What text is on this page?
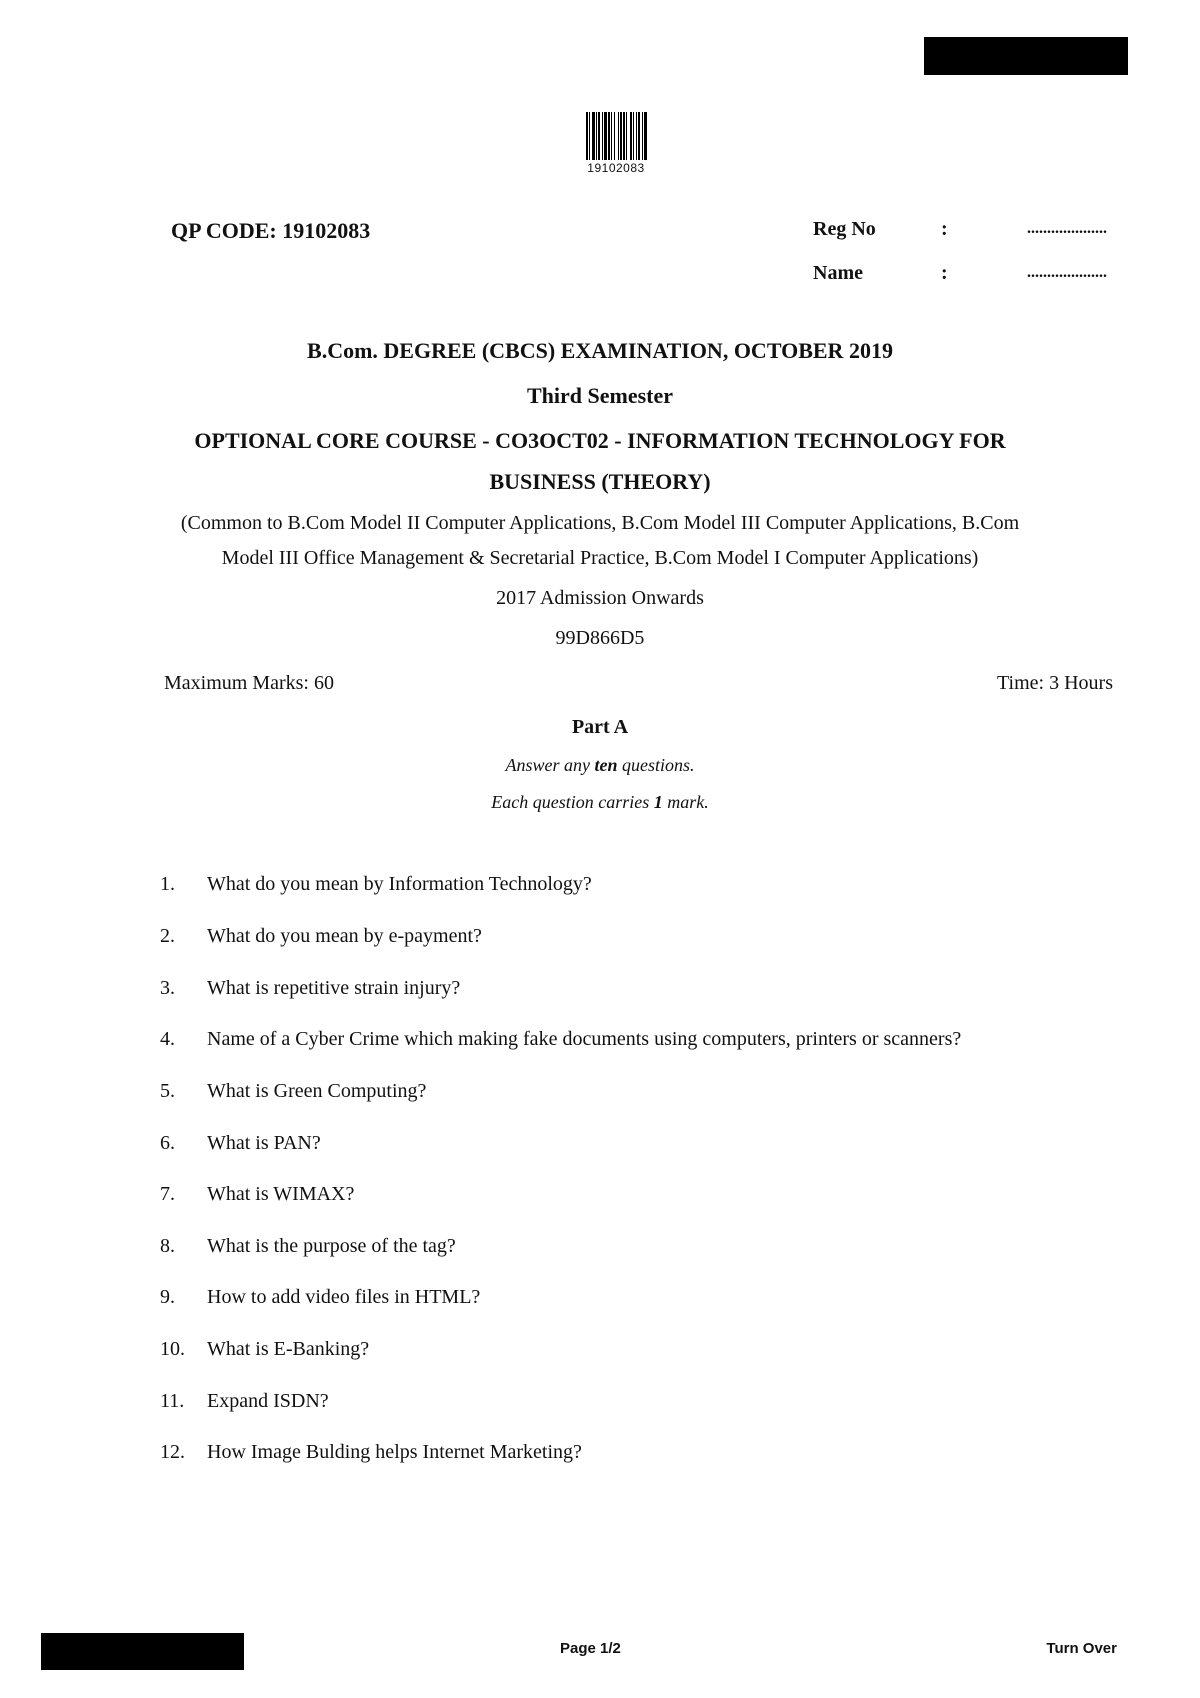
19102083
QP CODE: 19102083	Reg No	:	....................
Name	:	....................
B.Com. DEGREE (CBCS) EXAMINATION, OCTOBER 2019
Third Semester
OPTIONAL CORE COURSE - CO3OCT02 - INFORMATION TECHNOLOGY FOR
BUSINESS (THEORY)
(Common to B.Com Model II Computer Applications, B.Com Model III Computer Applications, B.Com
Model III Office Management & Secretarial Practice, B.Com Model I Computer Applications)
2017 Admission Onwards
99D866D5
Maximum Marks: 60	Time: 3 Hours
Part A
Answer any ten questions.
Each question carries 1 mark.
1.	What do you mean by Information Technology?
2.	What do you mean by e-payment?
3.	What is repetitive strain injury?
4.	Name of a Cyber Crime which making fake documents using computers, printers or scanners?
5.	What is Green Computing?
6.	What is PAN?
7.	What is WIMAX?
8.	What is the purpose of the tag?
9.	How to add video files in HTML?
10.	What is E-Banking?
11.	Expand ISDN?
12.	How Image Bulding helps Internet Marketing?
Page 1/2	Turn Over
